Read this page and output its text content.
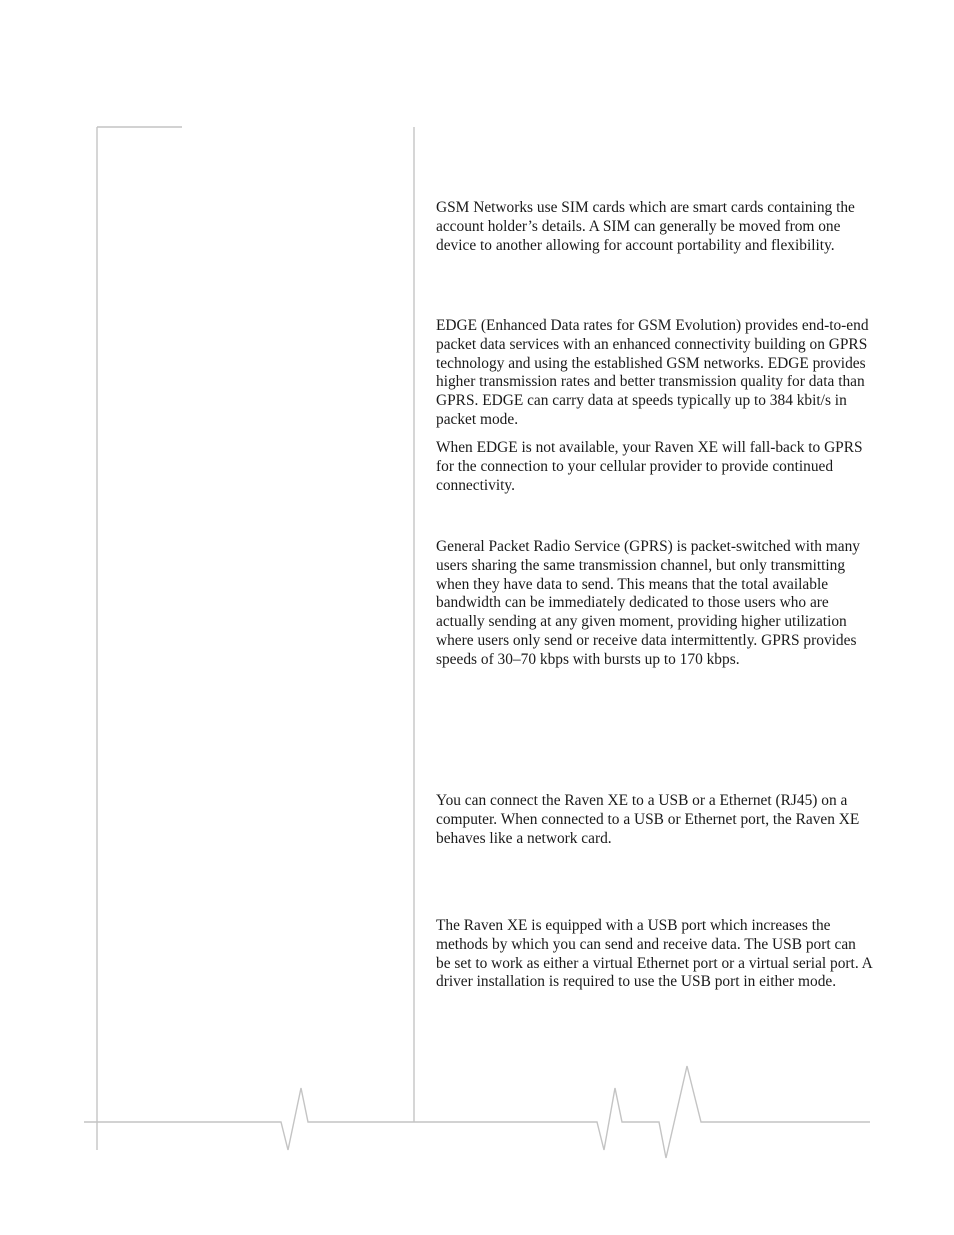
GSM Networks use SIM cards which are smart cards containing the account holder’s details. A SIM can generally be moved from one device to another allowing for account portability and flexibility.

EDGE (Enhanced Data rates for GSM Evolution) provides end-to-end packet data services with an enhanced connectivity building on GPRS technology and using the established GSM networks. EDGE provides higher transmission rates and better transmission quality for data than GPRS. EDGE can carry data at speeds typically up to 384 kbit/s in packet mode.

When EDGE is not available, your Raven XE will fall-back to GPRS for the connection to your cellular provider to provide continued connectivity.

General Packet Radio Service (GPRS) is packet-switched with many users sharing the same transmission channel, but only transmitting when they have data to send. This means that the total available bandwidth can be immediately dedicated to those users who are actually sending at any given moment, providing higher utilization where users only send or receive data intermittently. GPRS provides speeds of 30–70 kbps with bursts up to 170 kbps.

You can connect the Raven XE to a USB or a Ethernet (RJ45) on a computer. When connected to a USB or Ethernet port, the Raven XE behaves like a network card.

The Raven XE is equipped with a USB port which increases the methods by which you can send and receive data. The USB port can be set to work as either a virtual Ethernet port or a virtual serial port. A driver installation is required to use the USB port in either mode.
